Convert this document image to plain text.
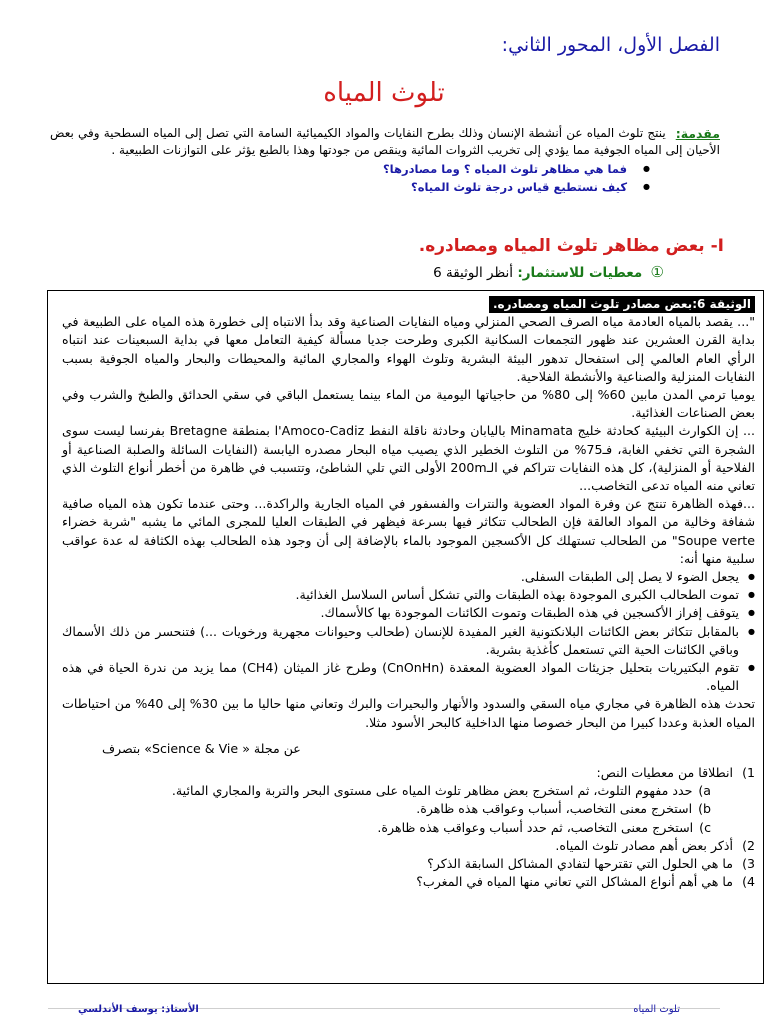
الفصل الأول، المحور الثاني:
تلوث المياه
مقدمة:
ينتج تلوث المياه عن أنشطة الإنسان وذلك بطرح النفايات والمواد الكيميائية السامة التي تصل إلى المياه السطحية وفي بعض الأحيان إلى المياه الجوفية مما يؤدي إلى تخريب الثروات المائية وينقص من جودتها وهذا بالطبع يؤثر على التوازنات الطبيعية .
● فما هي مظاهر تلوث المياه ؟ وما مصادرها؟
● كيف نستطيع قياس درجة تلوث المياه؟
I- بعض مظاهر تلوث المياه ومصادره.
① معطيات للاستثمار: أنظر الوثيقة 6
الوثيقة 6:بعض مصادر تلوث المياه ومصادره.

"... يقصد بالمياه العادمة مياه الصرف الصحي المنزلي ومياه النفايات الصناعية وقد بدأ الانتباه إلى خطورة هذه المياه على الطبيعة في بداية القرن العشرين عند ظهور التجمعات السكانية الكبرى وطرحت جديا مسألة كيفية التعامل معها في بداية السبعينات عند انتباه الرأي العام العالمي إلى استفحال تدهور البيئة البشرية وتلوث الهواء والمجاري المائية والمحيطات والبحار والمياه الجوفية بسبب النفايات المنزلية والصناعية والأنشطة الفلاحية.

يوميا ترمي المدن مابين 60% إلى 80% من حاجياتها اليومية من الماء بينما يستعمل الباقي في سقي الحدائق والطبخ والشرب وفي بعض الصناعات الغذائية.

... إن الكوارث البيئية كحادثة خليج Minamata باليابان وحادثة ناقلة النفط l'Amoco-Cadiz بمنطقة Bretagne بفرنسا ليست سوى الشجرة التي تخفي الغابة، فـ75% من التلوث الخطير الذي يصيب مياه البحار مصدره اليابسة (النفايات السائلة والصلبة الصناعية أو الفلاحية أو المنزلية)، كل هذه النفايات تتراكم في الـ200m الأولى التي تلي الشاطئ، وتتسبب في ظاهرة من أخطر أنواع التلوث الذي تعاني منه المياه تدعى التخاصب...

...فهذه الظاهرة تنتج عن وفرة المواد العضوية والنترات والفسفور في المياه الجارية والراكدة... وحتى عندما تكون هذه المياه صافية شفافة وخالية من المواد العالقة فإن الطحالب تتكاثر فيها بسرعة فيظهر في الطبقات العليا للمجرى المائي ما يشبه "شربة خضراء Soupe verte" من الطحالب تستهلك كل الأكسجين الموجود بالماء بالإضافة إلى أن وجود هذه الطحالب بهذه الكثافة له عدة عواقب سلبية منها أنه:

● يجعل الضوء لا يصل إلى الطبقات السفلى.
● تموت الطحالب الكبرى الموجودة بهذه الطبقات والتي تشكل أساس السلاسل الغذائية.
● يتوقف إفراز الأكسجين في هذه الطبقات وتموت الكائنات الموجودة بها كالأسماك.
● بالمقابل تتكاثر بعض الكائنات البلانكتونية الغير المفيدة للإنسان (طحالب وحيوانات مجهرية ورخويات ...) فتنحسر من ذلك الأسماك وباقي الكائنات الحية التي تستعمل كأغذية بشرية.
● تقوم البكتيريات بتحليل جزيئات المواد العضوية المعقدة (CnOnHn) وطرح غاز الميثان (CH4) مما يزيد من ندرة الحياة في هذه المياه.

تحدث هذه الظاهرة في مجاري مياه السقي والسدود والأنهار والبحيرات والبرك وتعاني منها حاليا ما بين 30% إلى 40% من احتياطات المياه العذبة وعددا كبيرا من البحار خصوصا منها الداخلية كالبحر الأسود مثلا.

عن مجلة « Science & Vie» بتصرف
1)
انطلاقا من معطيات النص:
a)حدد مفهوم التلوث، ثم استخرج بعض مظاهر تلوث المياه على مستوى البحر والتربة والمجاري المائية.
b)استخرج معنى التخاصب، أسباب وعواقب هذه ظاهرة.
c)استخرج معنى التخاصب، ثم حدد أسباب وعواقب هذه ظاهرة.
2)
أذكر بعض أهم مصادر تلوث المياه.
3)
ما هي الحلول التي تقترحها لتفادي المشاكل السابقة الذكر؟
4)
ما هي أهم أنواع المشاكل التي تعاني منها المياه في المغرب؟
تلوث المياه
الأستاذ: يوسف الأندلسي
